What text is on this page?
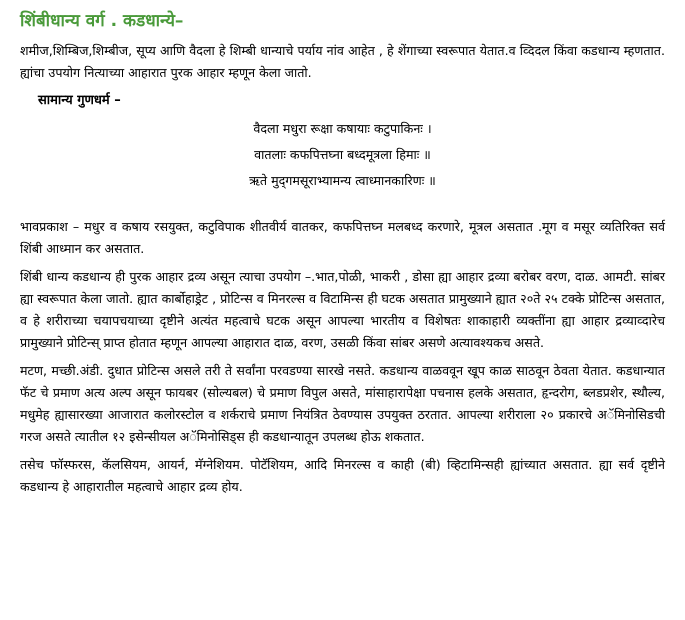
शिंबीधान्य वर्ग . कडधान्ये–

शमीज,शिम्बिज,शिम्बीज, सूप्य आणि वैदला हे शिम्बी धान्याचे पर्याय नांव आहेत , हे शेंगाच्या स्वरूपात येतात.व व्दिदल किंवा कडधान्य म्हणतात. ह्यांचा उपयोग नित्याच्या आहारात पुरक आहार म्हणून केला जातो.

सामान्य गुणधर्म –
वैदला मधुरा रूक्षा कषायाः कटुपाकिनः ।
वातलाः कफपित्तघ्ना बध्दमूत्रला हिमाः ॥
ऋते मुद्‌गमसूराभ्यामन्य त्वाध्मानकारिणः ॥

भावप्रकाश – मधुर व कषाय रसयुक्त, कटुविपाक शीतवीर्य वातकर, कफपित्तघ्न मलबध्द करणारे, मूत्रल असतात .मूग व मसूर व्यतिरिक्त सर्व शिंबी आध्मान कर असतात.

शिंबी धान्य कडधान्य ही पुरक आहार द्रव्य असून त्याचा उपयोग –.भात,पोळी, भाकरी , डोसा ह्या आहार द्रव्या बरोबर वरण, दाळ. आमटी. सांबर ह्या स्वरूपात केला जातो. ह्यात कार्बोहाड्रेट , प्रोटिन्स व मिनरल्स व विटामिन्स ही घटक असतात प्रामुख्याने ह्यात २०ते २५ टक्के प्रोटिन्स असतात, व हे शरीराच्या चयापचयाच्या दृष्टीने अत्यंत महत्वाचे घटक असून आपल्या भारतीय व विशेषतः शाकाहारी व्यक्तींना ह्या आहार द्रव्याव्दारेच प्रामुख्याने प्रोटिन्स् प्राप्त होतात म्हणून आपल्या आहारात दाळ, वरण, उसळी किंवा सांबर असणे अत्यावश्यकच असते.

मटण, मच्छी.अंडी. दुधात प्रोटिन्स असले तरी ते सर्वांना परवडण्या सारखे नसते. कडधान्य वाळववून खूप काळ साठवून ठेवता येतात. कडधान्यात फॅट चे प्रमाण अत्य अल्प असून फायबर (सोल्यबल) चे प्रमाण विपुल असते, मांसाहारापेक्षा पचनास हलके असतात, हृन्दरोग, ब्लडप्रशेर, स्थौल्य, मधुमेह ह्यासारख्या आजारात कलोरस्टोल व शर्कराचे प्रमाण नियंत्रित ठेवण्यास उपयुक्त ठरतात. आपल्या शरीराला २० प्रकारचे अॅमिनोसिडची गरज असते त्यातील १२ इसेन्सीयल अॅमिनोसिड्स ही कडधान्यातून उपलब्ध होऊ शकतात.

तसेच फॉस्फरस, कॅलसियम, आयर्न, मॅग्नेशियम. पोटॅशियम, आदि मिनरल्स व काही (बी) व्हिटामिन्सही ह्यांच्यात असतात. ह्या सर्व दृष्टीने कडधान्य हे आहारातील महत्वाचे आहार द्रव्य होय.
